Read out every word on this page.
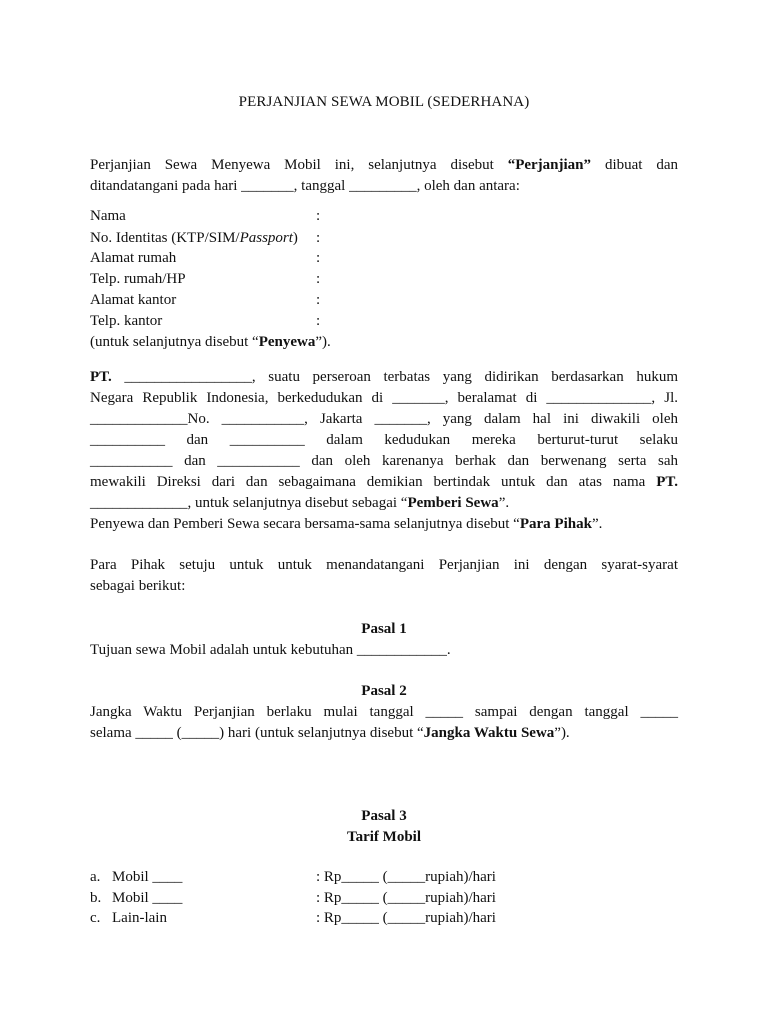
PERJANJIAN SEWA MOBIL (SEDERHANA)
Perjanjian Sewa Menyewa Mobil ini, selanjutnya disebut “Perjanjian” dibuat dan
ditandatangani pada hari _______, tanggal _________, oleh dan antara:
Nama	:
No. Identitas (KTP/SIM/Passport) :
Alamat rumah	:
Telp. rumah/HP	:
Alamat kantor	:
Telp. kantor	:
(untuk selanjutnya disebut “Penyewa”).
PT. _________________, suatu perseroan terbatas yang didirikan berdasarkan hukum
Negara Republik Indonesia, berkedudukan di _______, beralamat di ______________, Jl.
_____________No. ___________, Jakarta _______, yang dalam hal ini diwakili oleh
__________ dan __________ dalam kedudukan mereka berturut-turut selaku
___________ dan ___________ dan oleh karenanya berhak dan berwenang serta sah
mewakili Direksi dari dan sebagaimana demikian bertindak untuk dan atas nama PT.
_____________, untuk selanjutnya disebut sebagai “Pemberi Sewa”.
Penyewa dan Pemberi Sewa secara bersama-sama selanjutnya disebut “Para Pihak”.
Para Pihak setuju untuk untuk menandatangani Perjanjian ini dengan syarat-syarat
sebagai berikut:
Pasal 1
Tujuan sewa Mobil adalah untuk kebutuhan ____________.
Pasal 2
Jangka Waktu Perjanjian berlaku mulai tanggal _____ sampai dengan tanggal _____
selama _____ (_____) hari (untuk selanjutnya disebut “Jangka Waktu Sewa”).
Pasal 3
Tarif Mobil
a. Mobil ____	: Rp_____ (_____rupiah)/hari
b. Mobil ____	: Rp_____ (_____rupiah)/hari
c. Lain-lain	: Rp_____ (_____rupiah)/hari
